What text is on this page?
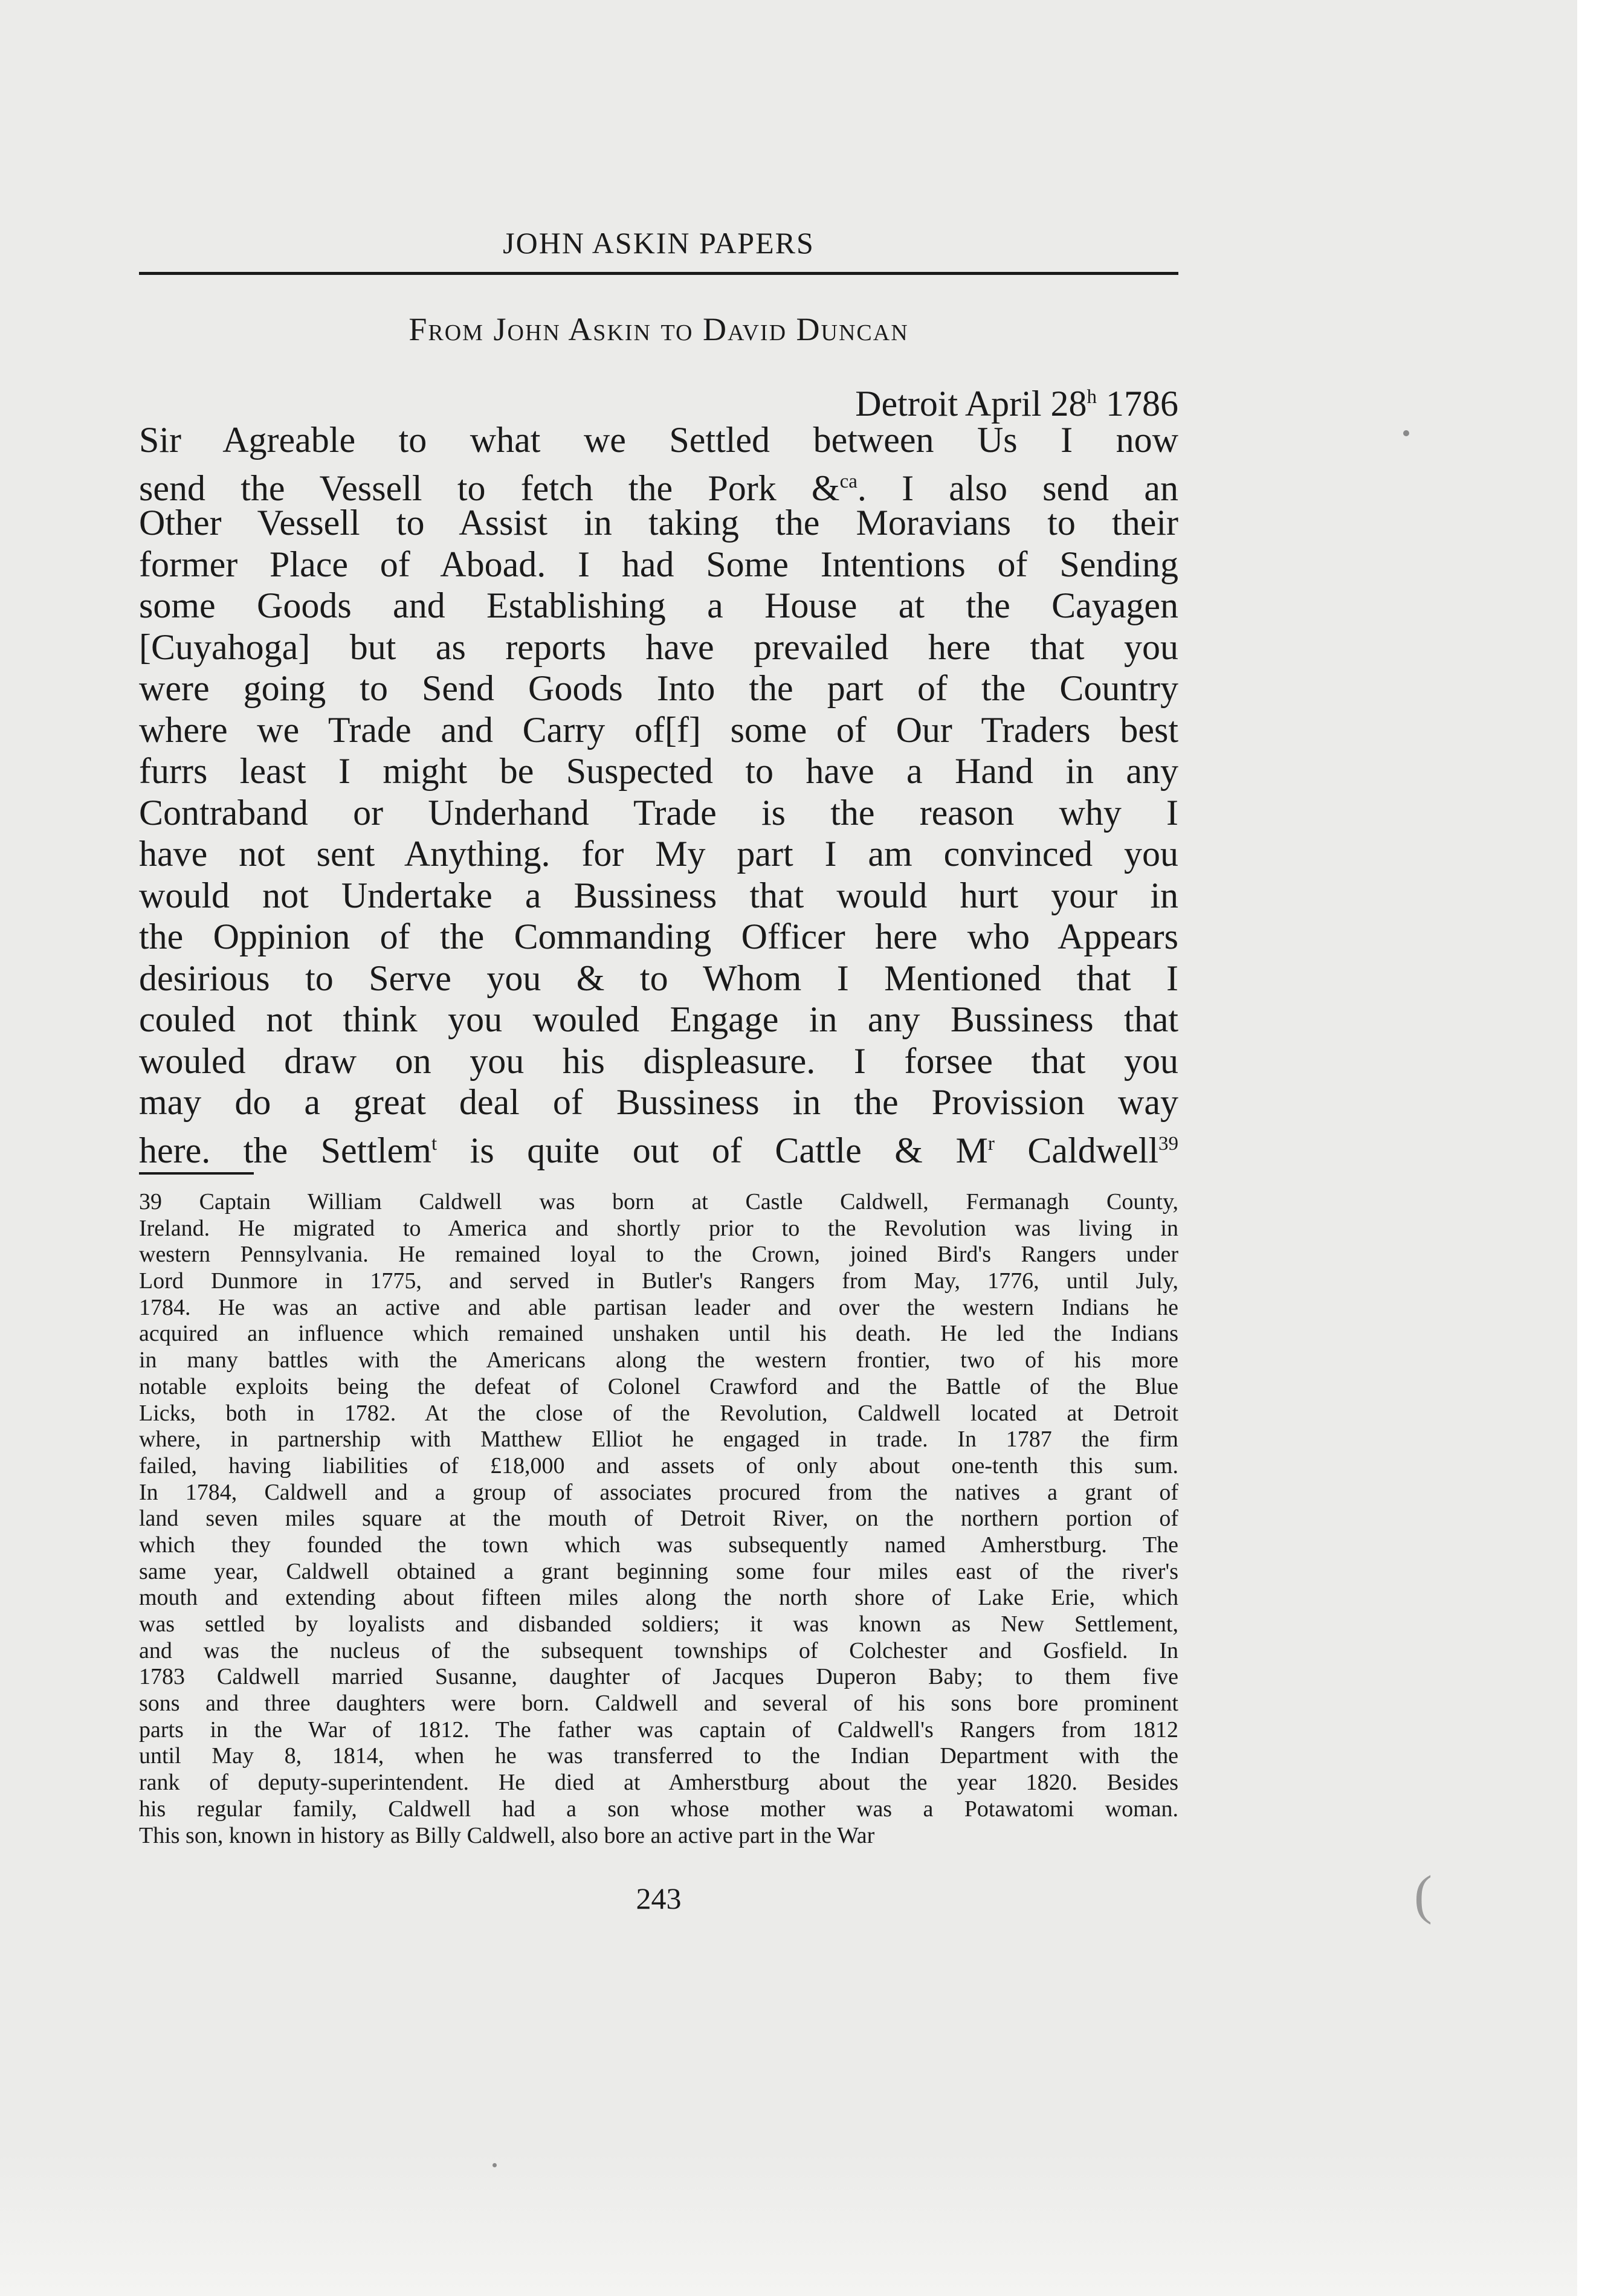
JOHN ASKIN PAPERS
From John Askin to David Duncan
Detroit April 28$^h$ 1786
Sir Agreable to what we Settled between Us I now
send the Vessell to fetch the Pork &$^{ca}$. I also send an
Other Vessell to Assist in taking the Moravians to their
former Place of Aboad. I had Some Intentions of Sending
some Goods and Establishing a House at the Cayagen
[Cuyahoga] but as reports have prevailed here that you
were going to Send Goods Into the part of the Country
where we Trade and Carry of[f] some of Our Traders best
furrs least I might be Suspected to have a Hand in any
Contraband or Underhand Trade is the reason why I
have not sent Anything. for My part I am convinced you
would not Undertake a Bussiness that would hurt your in
the Oppinion of the Commanding Officer here who Appears
desirious to Serve you & to Whom I Mentioned that I
couled not think you wouled Engage in any Bussiness that
wouled draw on you his displeasure. I forsee that you
may do a great deal of Bussiness in the Provission way
here. the Settlem$^t$ is quite out of Cattle & $M^r$ Caldwell$^{39}$
39 Captain William Caldwell was born at Castle Caldwell, Fermanagh County,
Ireland. He migrated to America and shortly prior to the Revolution was living in
western Pennsylvania. He remained loyal to the Crown, joined Bird's Rangers under
Lord Dunmore in 1775, and served in Butler's Rangers from May, 1776, until July,
1784. He was an active and able partisan leader and over the western Indians he
acquired an influence which remained unshaken until his death. He led the Indians
in many battles with the Americans along the western frontier, two of his more
notable exploits being the defeat of Colonel Crawford and the Battle of the Blue
Licks, both in 1782. At the close of the Revolution, Caldwell located at Detroit
where, in partnership with Matthew Elliot he engaged in trade. In 1787 the firm
failed, having liabilities of £18,000 and assets of only about one-tenth this sum.
In 1784, Caldwell and a group of associates procured from the natives a grant of
land seven miles square at the mouth of Detroit River, on the northern portion of
which they founded the town which was subsequently named Amherstburg. The
same year, Caldwell obtained a grant beginning some four miles east of the river's
mouth and extending about fifteen miles along the north shore of Lake Erie, which
was settled by loyalists and disbanded soldiers; it was known as New Settlement,
and was the nucleus of the subsequent townships of Colchester and Gosfield. In
1783 Caldwell married Susanne, daughter of Jacques Duperon Baby; to them five
sons and three daughters were born. Caldwell and several of his sons bore prominent
parts in the War of 1812. The father was captain of Caldwell's Rangers from 1812
until May 8, 1814, when he was transferred to the Indian Department with the
rank of deputy-superintendent. He died at Amherstburg about the year 1820. Besides
his regular family, Caldwell had a son whose mother was a Potawatomi woman.
This son, known in history as Billy Caldwell, also bore an active part in the War
243	(
